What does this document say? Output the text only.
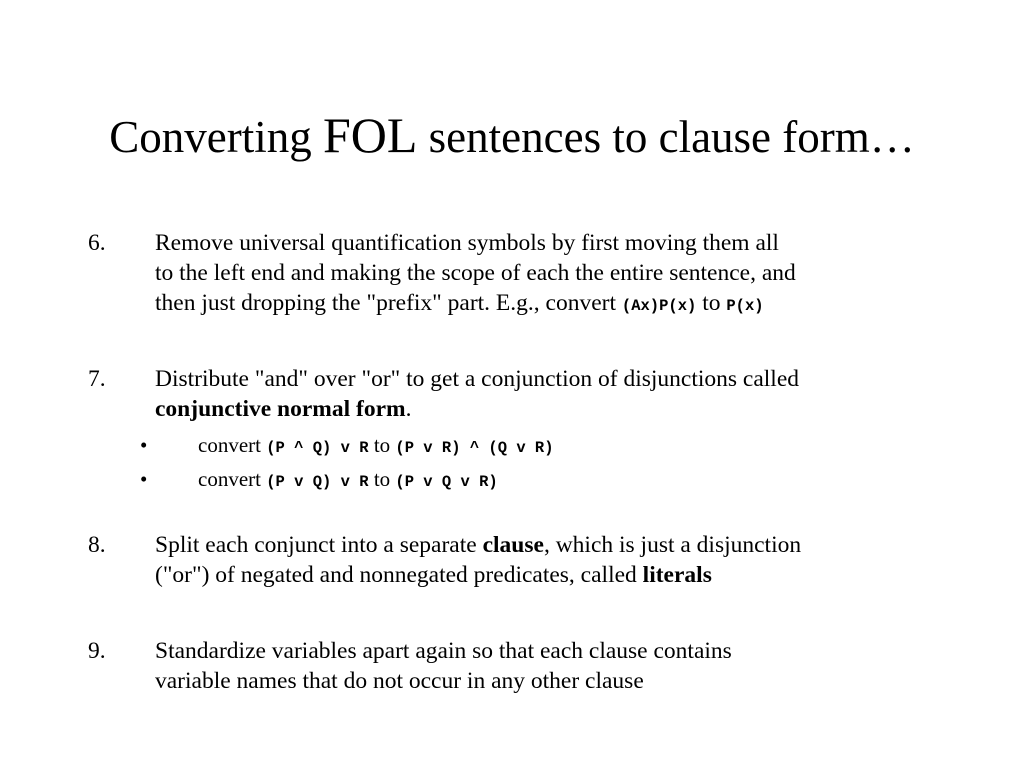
Converting FOL sentences to clause form…
6. Remove universal quantification symbols by first moving them all
to the left end and making the scope of each the entire sentence, and
then just dropping the "prefix" part. E.g., convert (Ax)P(x) to P(x)
7. Distribute "and" over "or" to get a conjunction of disjunctions called
conjunctive normal form.
• convert (P ^ Q) v R to (P v R) ^ (Q v R)
• convert (P v Q) v R to (P v Q v R)
8. Split each conjunct into a separate clause, which is just a disjunction
("or") of negated and nonnegated predicates, called literals
9. Standardize variables apart again so that each clause contains
variable names that do not occur in any other clause
